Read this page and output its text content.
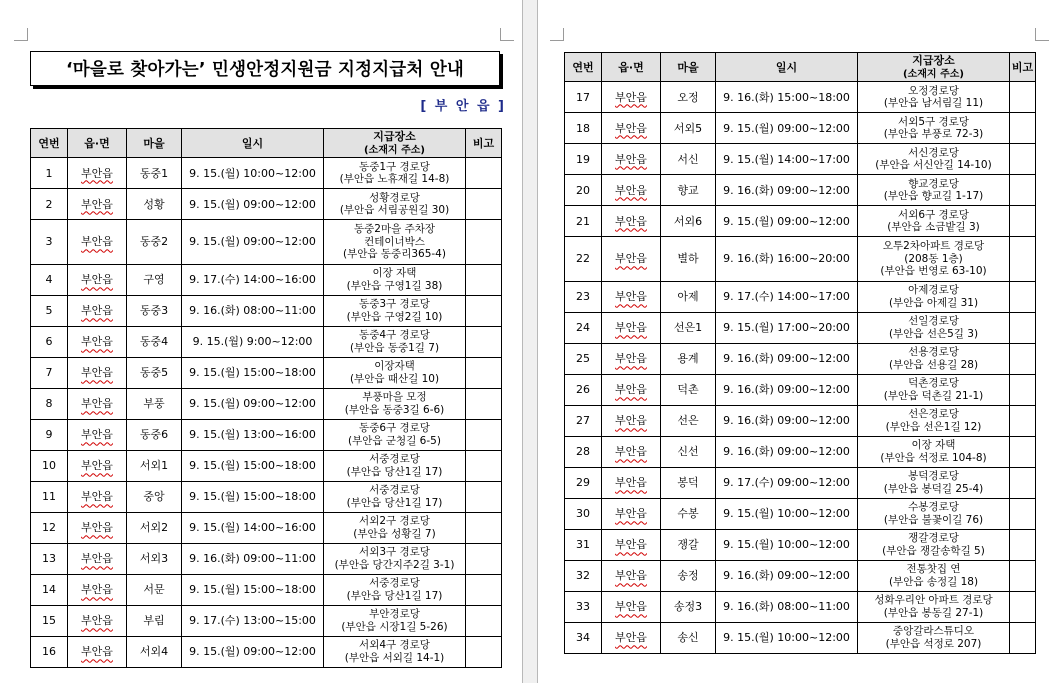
‘마을로 찾아가는’ 민생안정지원금 지정지급처 안내
[ 부 안 읍 ]
연번	읍·면	마을	일시	지급장소
(소재지 주소)	비고
1	부안읍	동중1	9. 15.(월) 10:00~12:00	동중1구 경로당
(부안읍 노휴재길 14-8)	

2	부안읍	성황	9. 15.(월) 09:00~12:00	성황경로당
(부안읍 서림공원길 30)	

3	부안읍	동중2	9. 15.(월) 09:00~12:00	동중2마을 주차장
컨테이너박스
(부안읍 동중리365-4)	

4	부안읍	구영	9. 17.(수) 14:00~16:00	이장 자택
(부안읍 구영1길 38)	

5	부안읍	동중3	9. 16.(화) 08:00~11:00	동중3구 경로당
(부안읍 구영2길 10)	

6	부안읍	동중4	9. 15.(월) 9:00~12:00	동중4구 경로당
(부안읍 동중1길 7)	

7	부안읍	동중5	9. 15.(월) 15:00~18:00	이장자택
(부안읍 때산길 10)	

8	부안읍	부풍	9. 15.(월) 09:00~12:00	부풍마을 모정
(부안읍 동중3길 6-6)	

9	부안읍	동중6	9. 15.(월) 13:00~16:00	동중6구 경로당
(부안읍 군청길 6-5)	

10	부안읍	서외1	9. 15.(월) 15:00~18:00	서중경로당
(부안읍 당산1길 17)	

11	부안읍	중앙	9. 15.(월) 15:00~18:00	서중경로당
(부안읍 당산1길 17)	

12	부안읍	서외2	9. 15.(월) 14:00~16:00	서외2구 경로당
(부안읍 성황길 7)	

13	부안읍	서외3	9. 16.(화) 09:00~11:00	서외3구 경로당
(부안읍 당간지주2길 3-1)	

14	부안읍	서문	9. 15.(월) 15:00~18:00	서중경로당
(부안읍 당산1길 17)	

15	부안읍	부림	9. 17.(수) 13:00~15:00	부안경로당
(부안읍 시장1길 5-26)	

16	부안읍	서외4	9. 15.(월) 09:00~12:00	서외4구 경로당
(부안읍 서외길 14-1)	

연번	읍·면	마을	일시	지급장소
(소재지 주소)	비고
17	부안읍	오정	9. 16.(화) 15:00~18:00	오정경로당
(부안읍 남서림길 11)	

18	부안읍	서외5	9. 15.(월) 09:00~12:00	서외5구 경로당
(부안읍 부풍로 72-3)	

19	부안읍	서신	9. 15.(월) 14:00~17:00	서신경로당
(부안읍 서신안길 14-10)	

20	부안읍	향교	9. 16.(화) 09:00~12:00	향교경로당
(부안읍 향교길 1-17)	

21	부안읍	서외6	9. 15.(월) 09:00~12:00	서외6구 경로당
(부안읍 소금밭길 3)	

22	부안읍	별하	9. 16.(화) 16:00~20:00	오투2차아파트 경로당
(208동 1층)
(부안읍 번영로 63-10)	

23	부안읍	아제	9. 17.(수) 14:00~17:00	아제경로당
(부안읍 아제길 31)	

24	부안읍	선은1	9. 15.(월) 17:00~20:00	선일경로당
(부안읍 선은5길 3)	

25	부안읍	용계	9. 16.(화) 09:00~12:00	선용경로당
(부안읍 선용길 28)	

26	부안읍	덕촌	9. 16.(화) 09:00~12:00	덕촌경로당
(부안읍 덕촌길 21-1)	

27	부안읍	선은	9. 16.(화) 09:00~12:00	선은경로당
(부안읍 선은1길 12)	

28	부안읍	신선	9. 16.(화) 09:00~12:00	이장 자택
(부안읍 석정로 104-8)	

29	부안읍	봉덕	9. 17.(수) 09:00~12:00	봉덕경로당
(부안읍 봉덕길 25-4)	

30	부안읍	수봉	9. 15.(월) 10:00~12:00	수봉경로당
(부안읍 불꽃이길 76)	

31	부안읍	쟁갈	9. 15.(월) 10:00~12:00	쟁갈경로당
(부안읍 쟁갈송학길 5)	

32	부안읍	송정	9. 16.(화) 09:00~12:00	전통찻집 연
(부안읍 송정길 18)	

33	부안읍	송정3	9. 16.(화) 08:00~11:00	성화우리안 아파트 경로당
(부안읍 봉동길 27-1)	

34	부안읍	송신	9. 15.(월) 10:00~12:00	중앙갈라스튜디오
(부안읍 석정로 207)	
